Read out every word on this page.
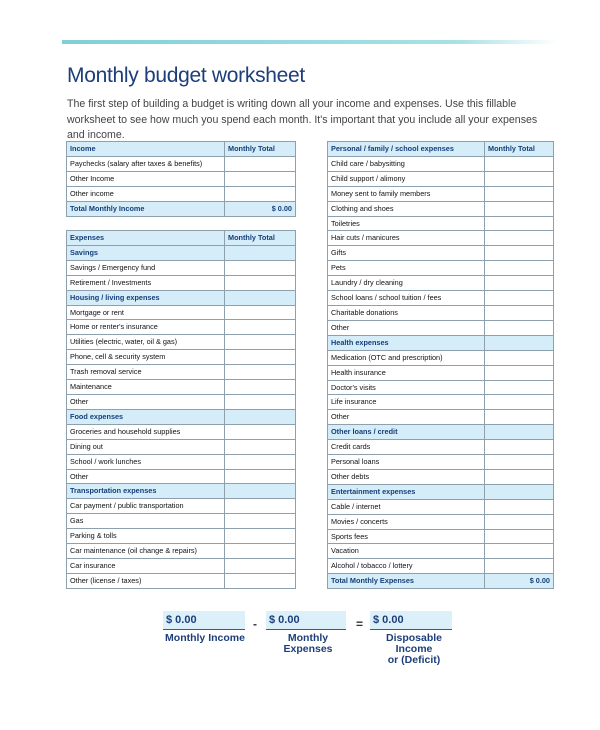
Monthly budget worksheet
The first step of building a budget is writing down all your income and expenses. Use this fillable worksheet to see how much you spend each month. It's important that you include all your expenses and income.
Income	Monthly Total
Paychecks (salary after taxes & benefits)	
Other Income	
Other income	
Total Monthly Income	$ 0.00
Expenses	Monthly Total
Savings	
Savings / Emergency fund	
Retirement / Investments	
Housing / living expenses	
Mortgage or rent	
Home or renter's insurance	
Utilities (electric, water, oil & gas)	
Phone, cell & security system	
Trash removal service	
Maintenance	
Other	
Food expenses	
Groceries and household supplies	
Dining out	
School / work lunches	
Other	
Transportation expenses	
Car payment / public transportation	
Gas	
Parking & tolls	
Car maintenance (oil change & repairs)	
Car insurance	
Other (license / taxes)	
Personal / family / school expenses	Monthly Total
Child care / babysitting	
Child support / alimony	
Money sent to family members	
Clothing and shoes	
Toiletries	
Hair cuts / manicures	
Gifts	
Pets	
Laundry / dry cleaning	
School loans / school tuition / fees	
Charitable donations	
Other	
Health expenses	
Medication (OTC and prescription)	
Health insurance	
Doctor's visits	
Life insurance	
Other	
Other loans / credit	
Credit cards	
Personal loans	
Other debts	
Entertainment expenses	
Cable / internet	
Movies / concerts	
Sports fees	
Vacation	
Alcohol / tobacco / lottery	
Total Monthly Expenses	$ 0.00
$ 0.00
Monthly Income
- $ 0.00
Monthly Expenses
= $ 0.00
Disposable Income
or (Deficit)
